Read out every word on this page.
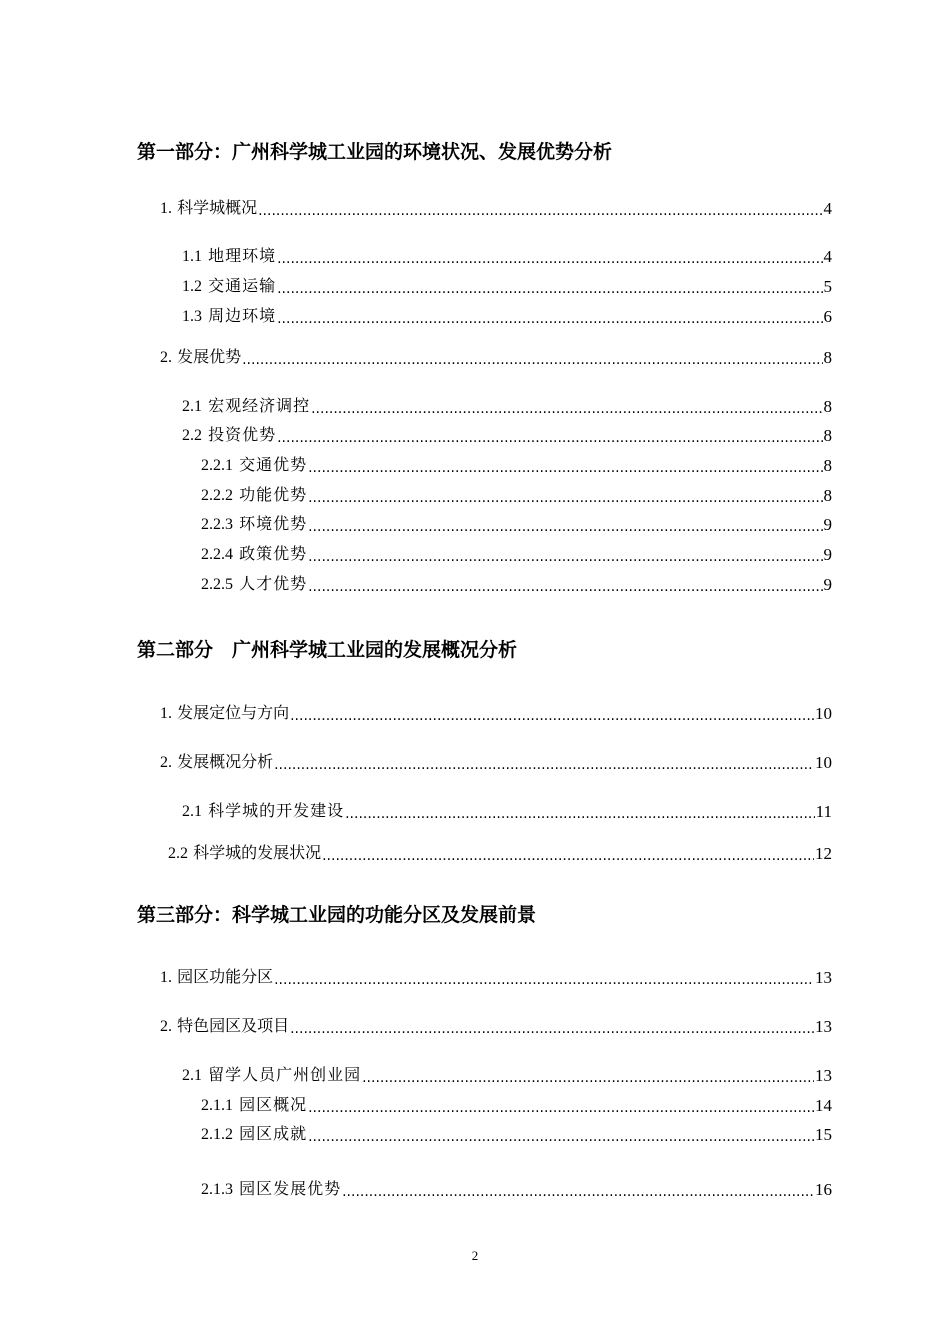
第一部分：广州科学城工业园的环境状况、发展优势分析
1. 科学城概况 .....	4
1.1 地理环境 .....	4
1.2 交通运输 .....	5
1.3 周边环境 .....	6
2. 发展优势 .....	8
2.1 宏观经济调控 .....	8
2.2 投资优势 .....	8
2.2.1 交通优势 .....	8
2.2.2 功能优势 .....	8
2.2.3 环境优势 .....	9
2.2.4 政策优势 .....	9
2.2.5 人才优势 .....	9
第二部分　广州科学城工业园的发展概况分析
1. 发展定位与方向 .....	10
2. 发展概况分析 .....	10
2.1 科学城的开发建设 .....	11
2.2 科学城的发展状况 .....	12
第三部分：科学城工业园的功能分区及发展前景
1. 园区功能分区 .....	13
2. 特色园区及项目 .....	13
2.1 留学人员广州创业园 .....	13
2.1.1 园区概况 .....	14
2.1.2 园区成就 .....	15
2.1.3 园区发展优势 .....	16
2
